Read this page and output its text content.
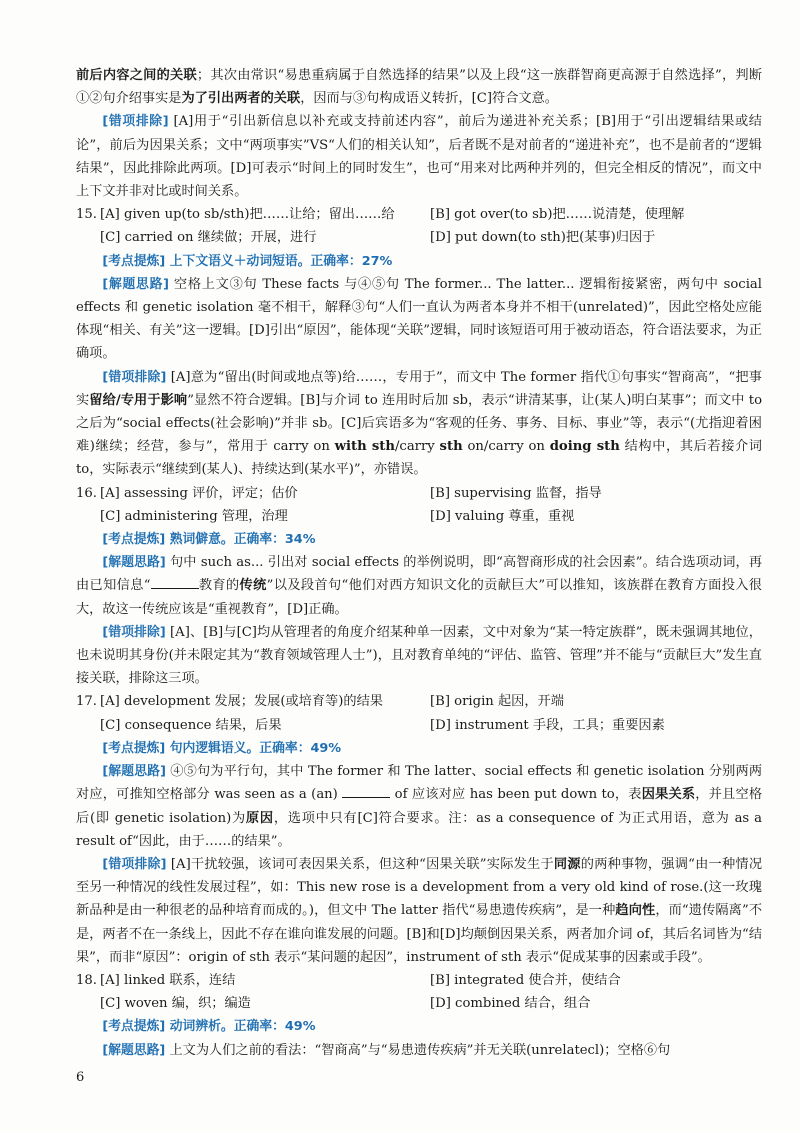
前后内容之间的关联；其次由常识“易患重病属于自然选择的结果”以及上段“这一族群智商更高源于自然选择”，判断①②句介绍事实是为了引出两者的关联，因而与③句构成语义转折，[C]符合文意。

[错项排除] [A]用于“引出新信息以补充或支持前述内容”，前后为递进补充关系；[B]用于“引出逻辑结果或结论”，前后为因果关系；文中“两项事实”VS“人们的相关认知”，后者既不是对前者的“递进补充”，也不是前者的“逻辑结果”，因此排除此两项。[D]可表示“时间上的同时发生”，也可“用来对比两种并列的，但完全相反的情况”，而文中上下文并非对比或时间关系。

15. [A] given up(to sb/sth)把……让给；留出……给	[B] got over(to sb)把……说清楚，使理解
[C] carried on 继续做；开展，进行	[D] put down(to sth)把(某事)归因于

[考点提炼] 上下文语义＋动词短语。正确率：27%

[解题思路] 空格上文③句 These facts 与④⑤句 The former... The latter... 逻辑衔接紧密，两句中 social effects 和 genetic isolation 毫不相干，解释③句“人们一直认为两者本身并不相干(unrelated)”，因此空格处应能体现“相关、有关”这一逻辑。[D]引出“原因”，能体现“关联”逻辑，同时该短语可用于被动语态，符合语法要求，为正确项。

[错项排除] [A]意为“留出(时间或地点等)给……，专用于”，而文中 The former 指代①句事实“智商高”，“把事实留给/专用于影响”显然不符合逻辑。[B]与介词 to 连用时后加 sb，表示“讲清某事，让(某人)明白某事”；而文中 to 之后为“social effects(社会影响)”并非 sb。[C]后宾语多为“客观的任务、事务、目标、事业”等，表示“(尤指迎着困难)继续；经营，参与”，常用于 carry on with sth/carry sth on/carry on doing sth 结构中，其后若接介词 to，实际表示“继续到(某人)、持续达到(某水平)”，亦错误。

16. [A] assessing 评价，评定；估价	[B] supervising 监督，指导
[C] administering 管理，治理	[D] valuing 尊重，重视

[考点提炼] 熟词僻意。正确率：34%

[解题思路] 句中 such as... 引出对 social effects 的举例说明，即“高智商形成的社会因素”。结合选项动词，再由已知信息“	教育的传统”以及段首句“他们对西方知识文化的贡献巨大”可以推知，该族群在教育方面投入很大，故这一传统应该是“重视教育”，[D]正确。

[错项排除] [A]、[B]与[C]均从管理者的角度介绍某种单一因素，文中对象为“某一特定族群”，既未强调其地位，也未说明其身份(并未限定其为“教育领域管理人士”)，且对教育单纯的“评估、监管、管理”并不能与“贡献巨大”发生直接关联，排除这三项。

17. [A] development 发展；发展(或培育等)的结果	[B] origin 起因，开端
[C] consequence 结果，后果	[D] instrument 手段，工具；重要因素

[考点提炼] 句内逻辑语义。正确率：49%

[解题思路] ④⑤句为平行句，其中 The former 和 The latter、social effects 和 genetic isolation 分别两两对应，可推知空格部分 was seen as a (an)	of 应该对应 has been put down to，表因果关系，并且空格后(即 genetic isolation)为原因，选项中只有[C]符合要求。注：as a consequence of 为正式用语，意为 as a result of“因此，由于……的结果”。

[错项排除] [A]干扰较强，该词可表因果关系，但这种“因果关联”实际发生于同源的两种事物，强调“由一种情况至另一种情况的线性发展过程”，如：This new rose is a development from a very old kind of rose.(这一玫瑰新品种是由一种很老的品种培育而成的。)，但文中 The latter 指代“易患遗传疾病”，是一种趋向性，而“遗传隔离”不是，两者不在一条线上，因此不存在谁向谁发展的问题。[B]和[D]均颠倒因果关系，两者加介词 of，其后名词皆为“结果”，而非“原因”：origin of sth 表示“某问题的起因”，instrument of sth 表示“促成某事的因素或手段”。

18. [A] linked 联系，连结	[B] integrated 使合并，使结合
[C] woven 编，织；编造	[D] combined 结合，组合

[考点提炼] 动词辨析。正确率：49%

[解题思路] 上文为人们之前的看法：“智商高”与“易患遗传疾病”并无关联(unrelatecl)；空格⑥句

6
